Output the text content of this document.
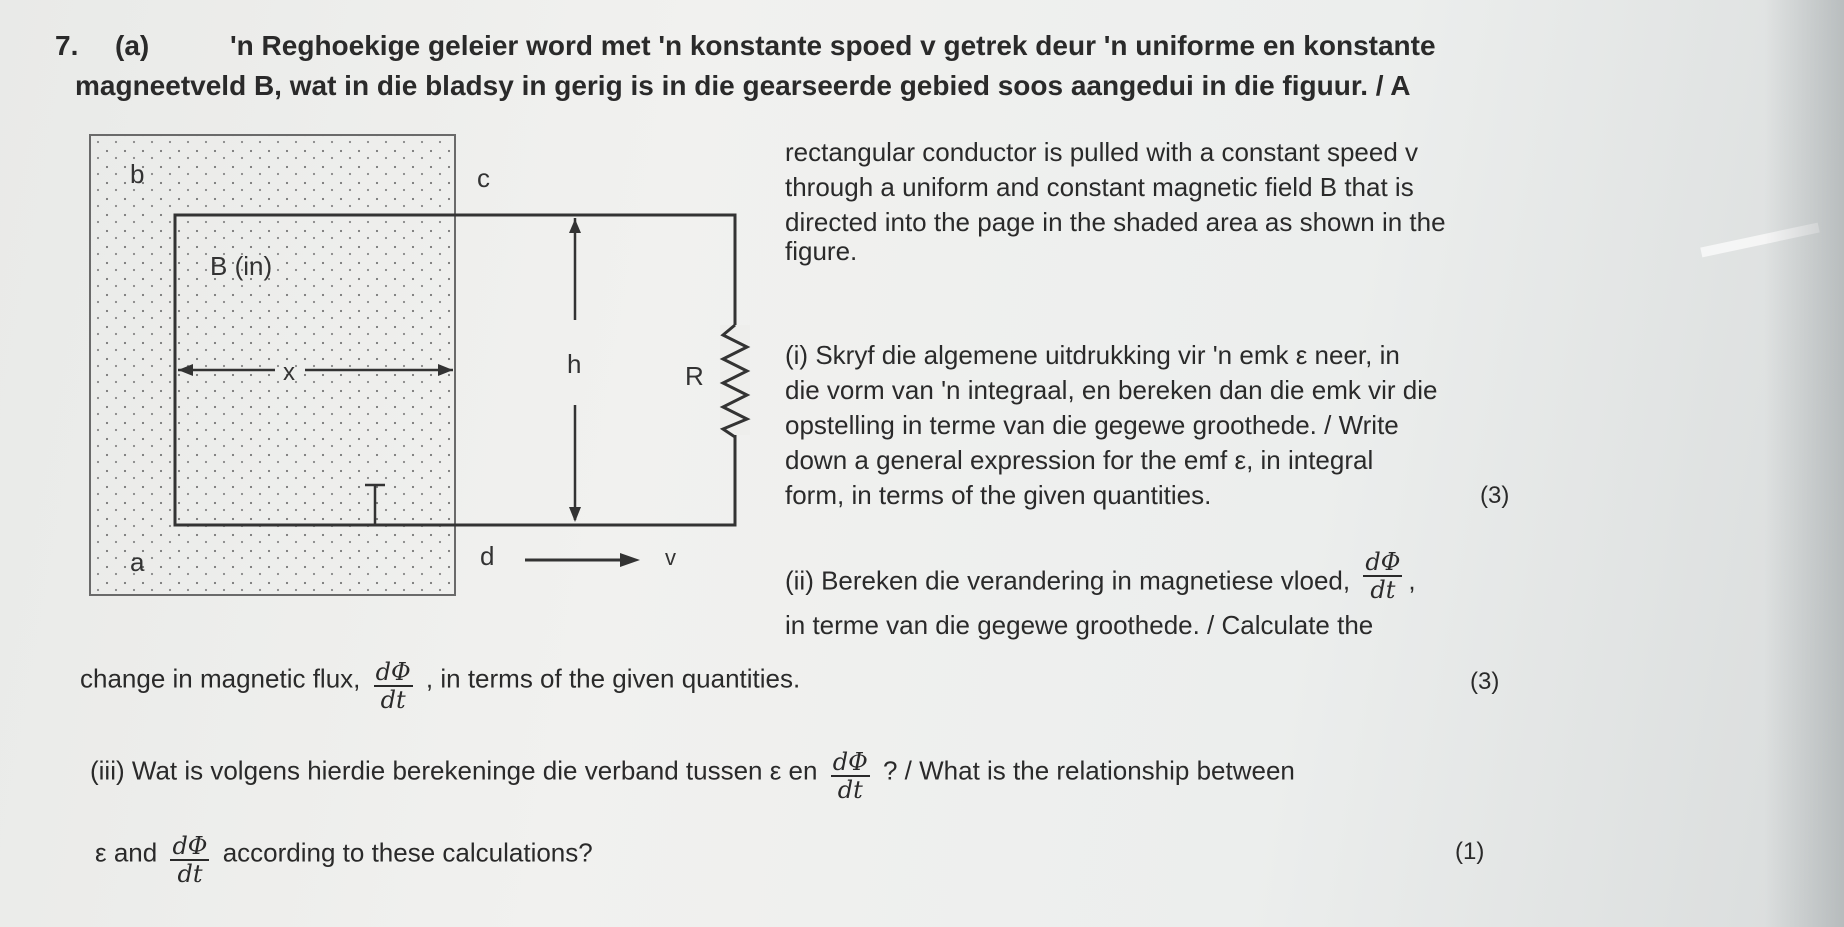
7. (a)	'n Reghoekige geleier word met 'n konstante spoed v getrek deur 'n uniforme en konstante
magneetveld B, wat in die bladsy in gerig is in die gearseerde gebied soos aangedui in die figuur. / A
rectangular conductor is pulled with a constant speed v
through a uniform and constant magnetic field B that is
directed into the page in the shaded area as shown in the
figure.
b	c
a	d
B (in)
x	h	R
v
(i) Skryf die algemene uitdrukking vir 'n emk ε neer, in
die vorm van 'n integraal, en bereken dan die emk vir die
opstelling in terme van die gegewe groothede. / Write
down a general expression for the emf ε, in integral
form, in terms of the given quantities.	(3)
(ii) Bereken die verandering in magnetiese vloed, $\frac{d\Phi}{dt}$ ,
in terme van die gegewe groothede. / Calculate the
change in magnetic flux, $\frac{d\Phi}{dt}$ , in terms of the given quantities.	(3)
(iii) Wat is volgens hierdie berekeninge die verband tussen ε en $\frac{d\Phi}{dt}$ ? / What is the relationship between
ε and $\frac{d\Phi}{dt}$ according to these calculations?	(1)
